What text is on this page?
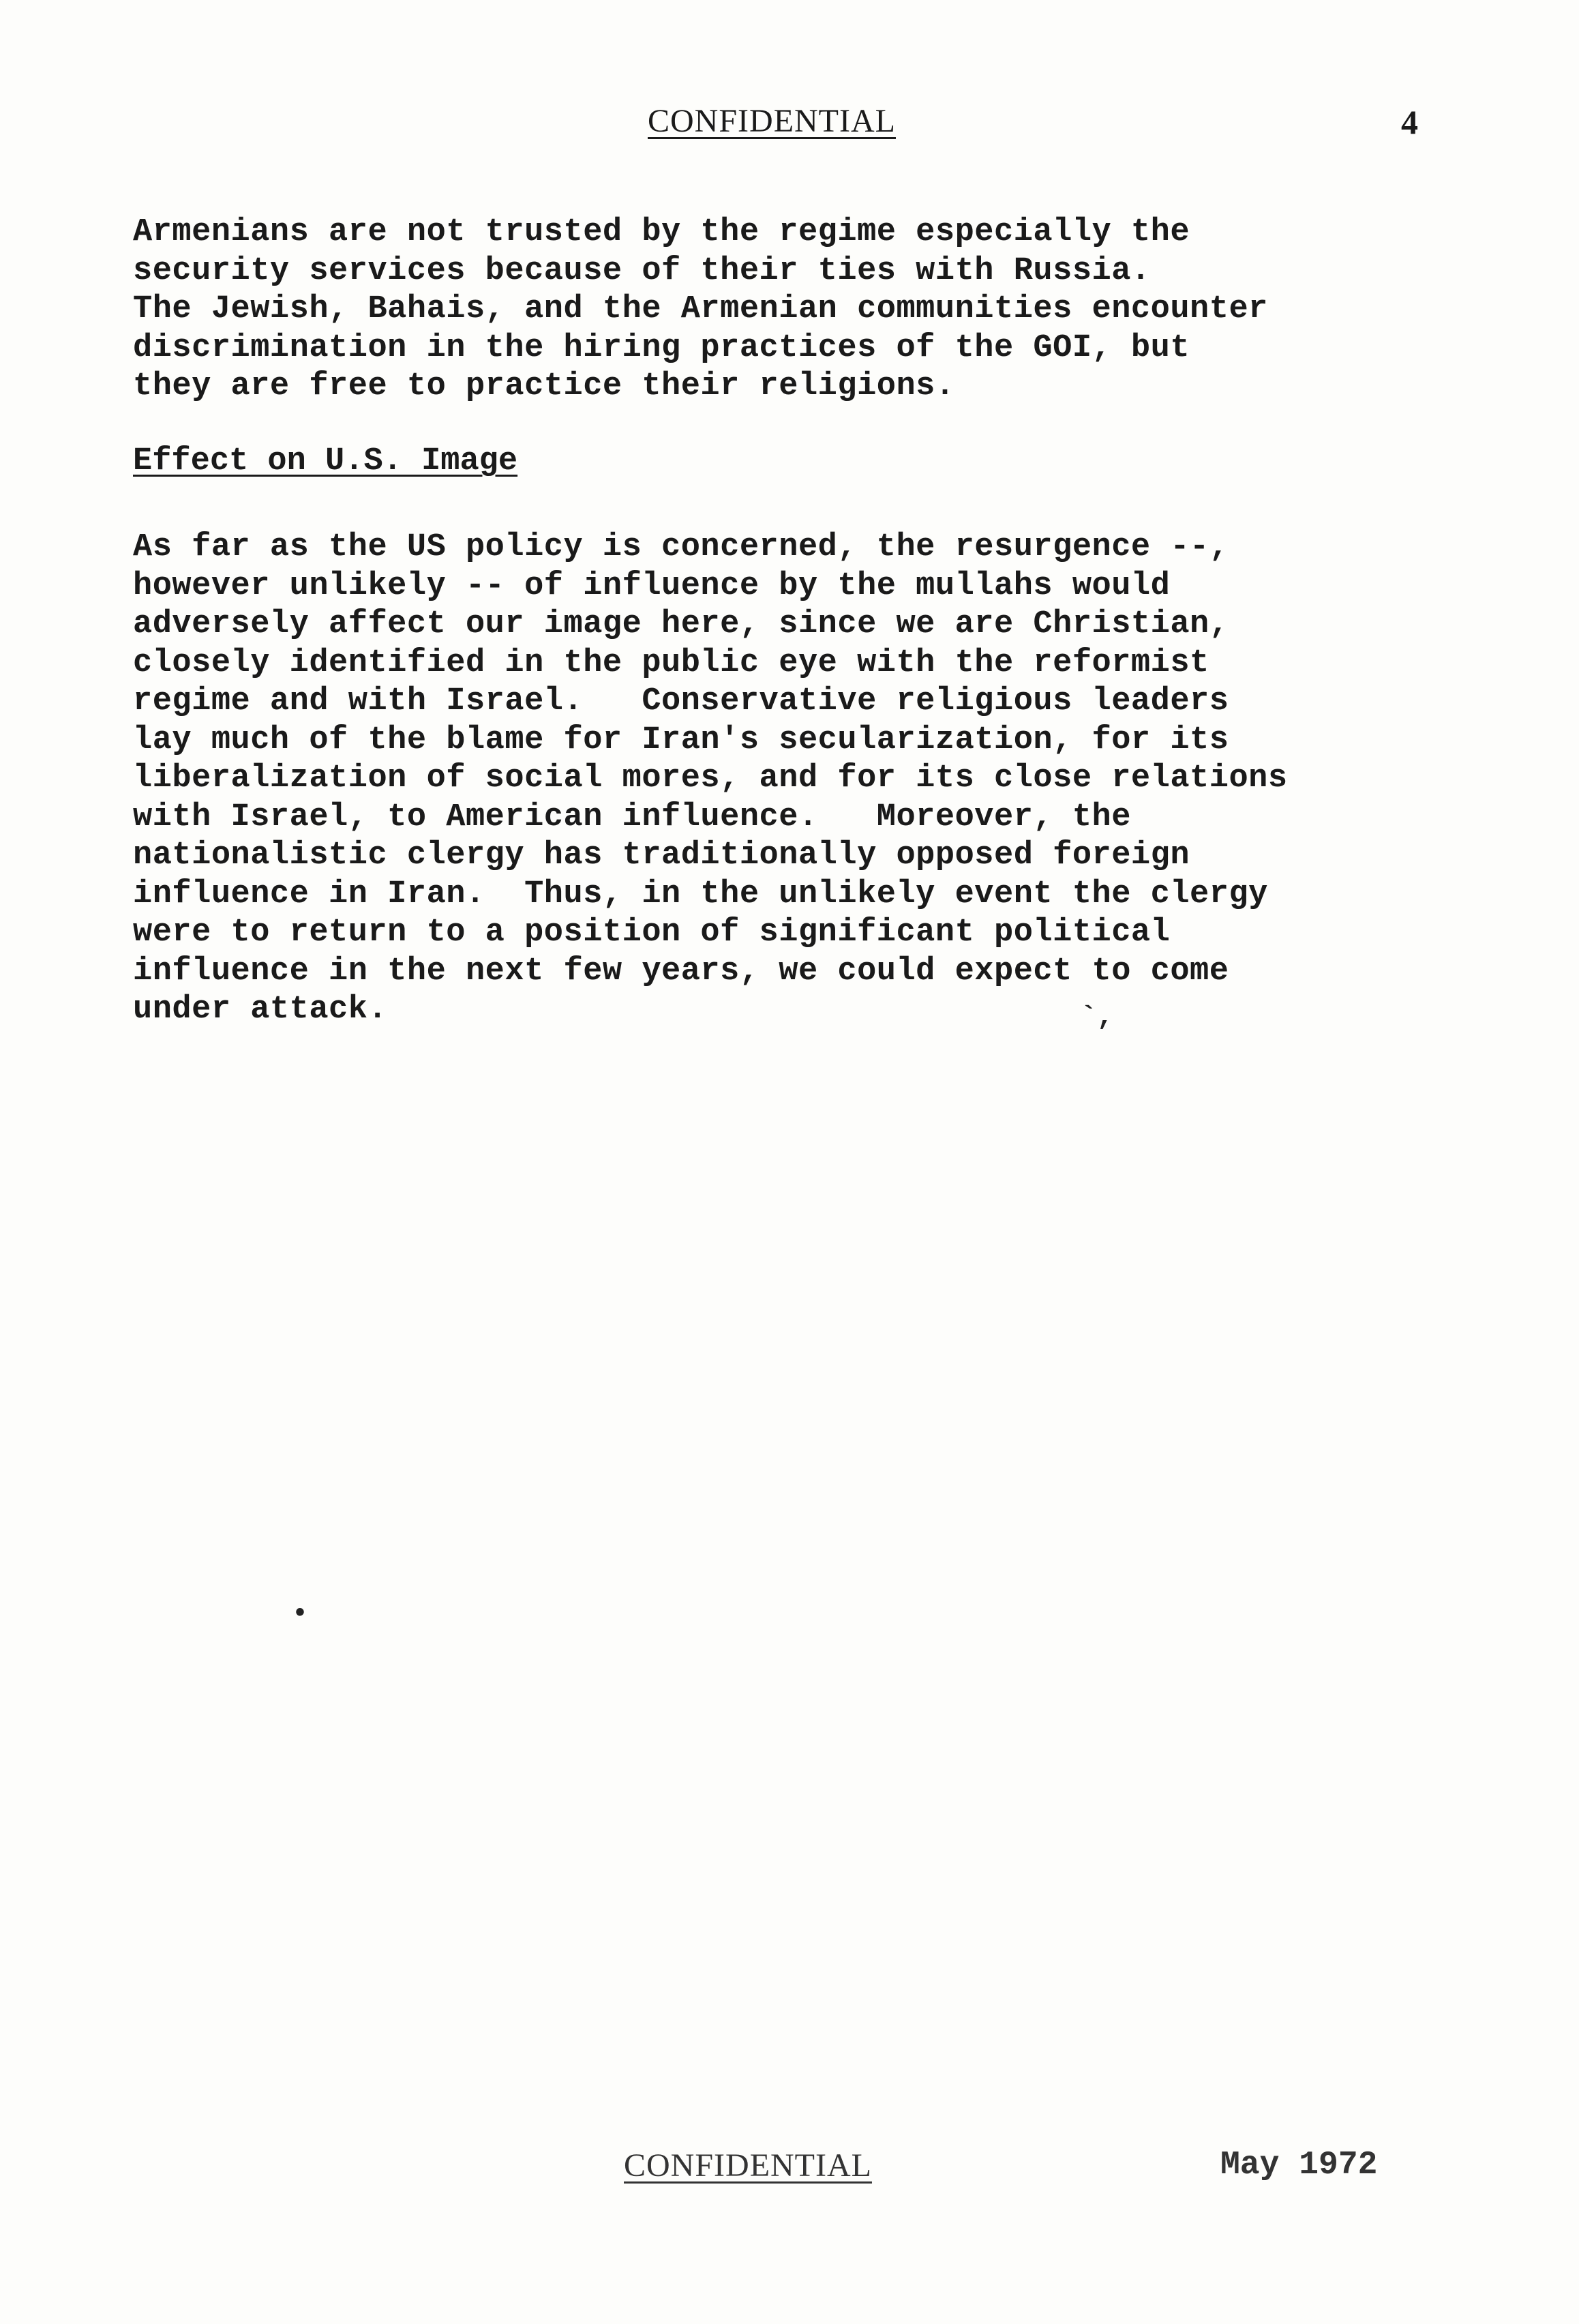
CONFIDENTIAL	4

Armenians are not trusted by the regime especially the
security services because of their ties with Russia.
The Jewish, Bahais, and the Armenian communities encounter
discrimination in the hiring practices of the GOI, but
they are free to practice their religions.

Effect on U.S. Image

As far as the US policy is concerned, the resurgence --,
however unlikely -- of influence by the mullahs would
adversely affect our image here, since we are Christian,
closely identified in the public eye with the reformist
regime and with Israel.   Conservative religious leaders
lay much of the blame for Iran's secularization, for its
liberalization of social mores, and for its close relations
with Israel, to American influence.   Moreover, the
nationalistic clergy has traditionally opposed foreign
influence in Iran.  Thus, in the unlikely event the clergy
were to return to a position of significant political
influence in the next few years, we could expect to come
under attack.	`,
•
CONFIDENTIAL	May 1972
